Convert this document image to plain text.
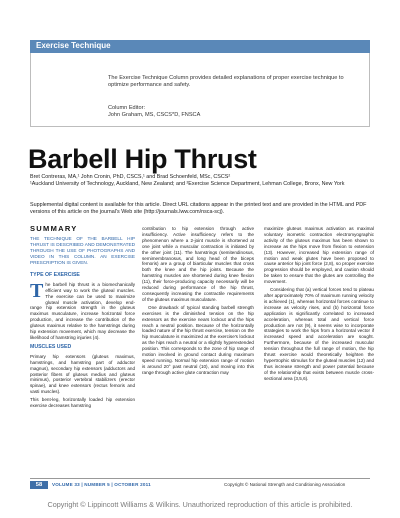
Exercise Technique
The Exercise Technique Column provides detailed explanations of proper exercise technique to optimize performance and safety.
Column Editor:
John Graham, MS, CSCS*D, FNSCA
Barbell Hip Thrust
Bret Contreras, MA,¹ John Cronin, PhD, CSCS,¹ and Brad Schoenfeld, MSc, CSCS²
¹Auckland University of Technology, Auckland, New Zealand; and ²Exercise Science Department, Lehman College, Bronx, New York
Supplemental digital content is available for this article. Direct URL citations appear in the printed text and are provided in the HTML and PDF versions of this article on the journal's Web site (http://journals.lww.com/nsca-scj).
SUMMARY
THE TECHNIQUE OF THE BARBELL HIP THRUST IS DESCRIBED AND DEMONSTRATED THROUGH THE USE OF PHOTOGRAPHS AND VIDEO IN THIS COLUMN. AN EXERCISE PRESCRIPTION IS GIVEN.
TYPE OF EXERCISE
The barbell hip thrust is a biomechanically efficient way to work the gluteal muscles. The exercise can be used to maximize gluteal muscle activation, develop end-range hip extension strength in the gluteus maximus musculature, increase horizontal force production, and increase the contribution of the gluteus maximus relative to the hamstrings during hip extension movement, which may decrease the likelihood of hamstring injuries (4).
MUSCLES USED
Primary hip extensors (gluteus maximus, hamstrings, and hamstring part of adductor magnus), secondary hip extensors (adductors and posterior fibers of gluteus medius and gluteus minimus), posterior vertebral stabilizers (erector spinae), and knee extensors (rectus femoris and vasti muscles).
This bent-leg, horizontally loaded hip extension exercise decreases hamstring
contribution to hip extension through active insufficiency. Active insufficiency refers to the phenomenon where a 2-joint muscle is shortened at one joint while a muscular contraction is initiated by the other joint (11). The hamstrings (semitendinosus, semimembranosus, and long head of the biceps femoris) are a group of biarticular muscles that cross both the knee and the hip joints. Because the hamstring muscles are shortened during knee flexion (11), their force-producing capacity necessarily will be reduced during performance of the hip thrust, consequently increasing the contractile requirements of the gluteus maximus musculature.
One drawback of typical standing barbell strength exercises is the diminished tension on the hip extensors as the exercise nears lockout and the hips reach a neutral position. Because of the horizontally loaded nature of the hip thrust exercise, tension on the hip musculature is maximized at the exercise's lockout as the hips reach a neutral or a slightly hyperextended position. This corresponds to the zone of hip range of motion involved in ground contact during maximum speed running. Normal hip extension range of motion is around 20° past neutral (10), and moving into this range through active glute contraction may
maximize gluteus maximus activation as maximal voluntary isometric contraction electromyographic activity of the gluteus maximus has been shown to increase as the hips move from flexion to extension (13). However, increased hip extension range of motion and weak glutes have been proposed to cause anterior hip joint force (2,8), so proper exercise progression should be employed, and caution should be taken to ensure that the glutes are controlling the movement.
Considering that (a) vertical forces tend to plateau after approximately 70% of maximum running velocity is achieved (1), whereas horizontal forces continue to increase as velocity rises, and (b) horizontal force application is significantly correlated to increased acceleration, whereas total and vertical force production are not (9), it seems wise to incorporate strategies to work the hips from a horizontal vector if increased speed and acceleration are sought. Furthermore, because of the increased muscular tension throughout the full range of motion, the hip thrust exercise would theoretically heighten the hypertrophic stimulus for the gluteal muscles (12) and thus increase strength and power potential because of the relationship that exists between muscle cross-sectional area (3,5,6).
58	VOLUME 33 | NUMBER 5 | OCTOBER 2011	Copyright © National Strength and Conditioning Association
Copyright © Lippincott Williams & Wilkins. Unauthorized reproduction of this article is prohibited.
